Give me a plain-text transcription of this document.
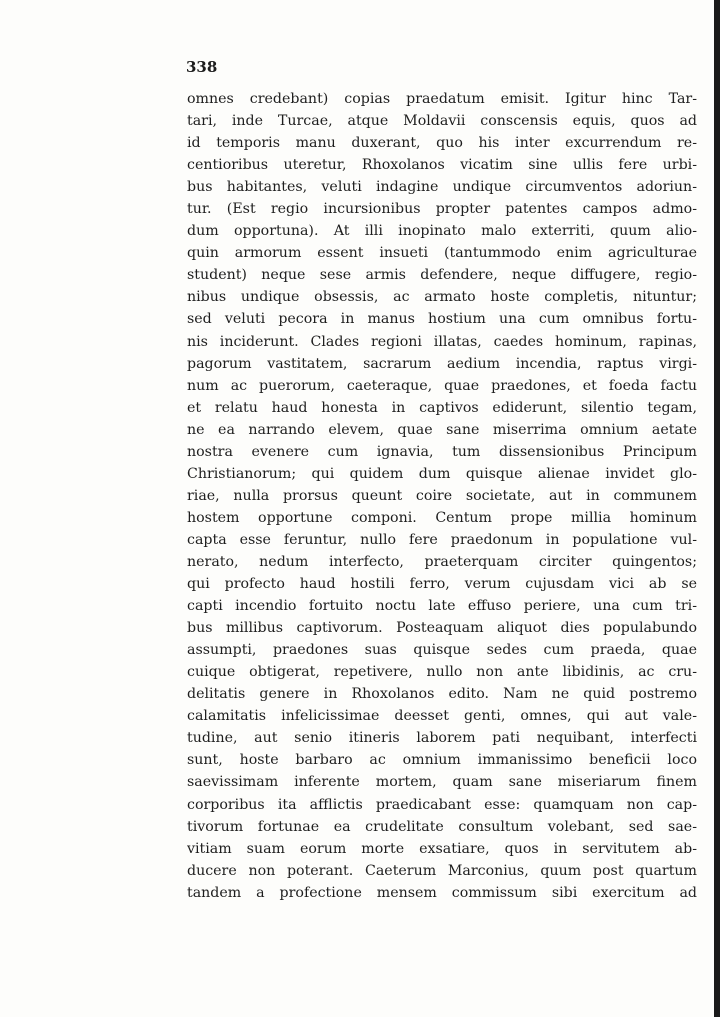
338

omnes credebant) copias praedatum emisit. Igitur hinc Tar-
tari, inde Turcae, atque Moldavii conscensis equis, quos ad
id temporis manu duxerant, quo his inter excurrendum re-
centioribus uteretur, Rhoxolanos vicatim sine ullis fere urbi-
bus habitantes, veluti indagine undique circumventos adoriun-
tur. (Est regio incursionibus propter patentes campos admo-
dum opportuna). At illi inopinato malo exterriti, quum alio-
quin armorum essent insueti (tantummodo enim agriculturae
student) neque sese armis defendere, neque diffugere, regio-
nibus undique obsessis, ac armato hoste completis, nituntur;
sed veluti pecora in manus hostium una cum omnibus fortu-
nis inciderunt. Clades regioni illatas, caedes hominum, rapinas,
pagorum vastitatem, sacrarum aedium incendia, raptus virgi-
num ac puerorum, caeteraque, quae praedones, et foeda factu
et relatu haud honesta in captivos ediderunt, silentio tegam,
ne ea narrando elevem, quae sane miserrima omnium aetate
nostra evenere cum ignavia, tum dissensionibus Principum
Christianorum; qui quidem dum quisque alienae invidet glo-
riae, nulla prorsus queunt coire societate, aut in communem
hostem opportune componi. Centum prope millia hominum
capta esse feruntur, nullo fere praedonum in populatione vul-
nerato, nedum interfecto, praeterquam circiter quingentos;
qui profecto haud hostili ferro, verum cujusdam vici ab se
capti incendio fortuito noctu late effuso periere, una cum tri-
bus millibus captivorum. Posteaquam aliquot dies populabundo
assumpti, praedones suas quisque sedes cum praeda, quae
cuique obtigerat, repetivere, nullo non ante libidinis, ac cru-
delitatis genere in Rhoxolanos edito. Nam ne quid postremo
calamitatis infelicissimae deesset genti, omnes, qui aut vale-
tudine, aut senio itineris laborem pati nequibant, interfecti
sunt, hoste barbaro ac omnium immanissimo beneficii loco
saevissimam inferente mortem, quam sane miseriarum finem
corporibus ita afflictis praedicabant esse: quamquam non cap-
tivorum fortunae ea crudelitate consultum volebant, sed sae-
vitiam suam eorum morte exsatiare, quos in servitutem ab-
ducere non poterant. Caeterum Marconius, quum post quartum
tandem a profectione mensem commissum sibi exercitum ad
